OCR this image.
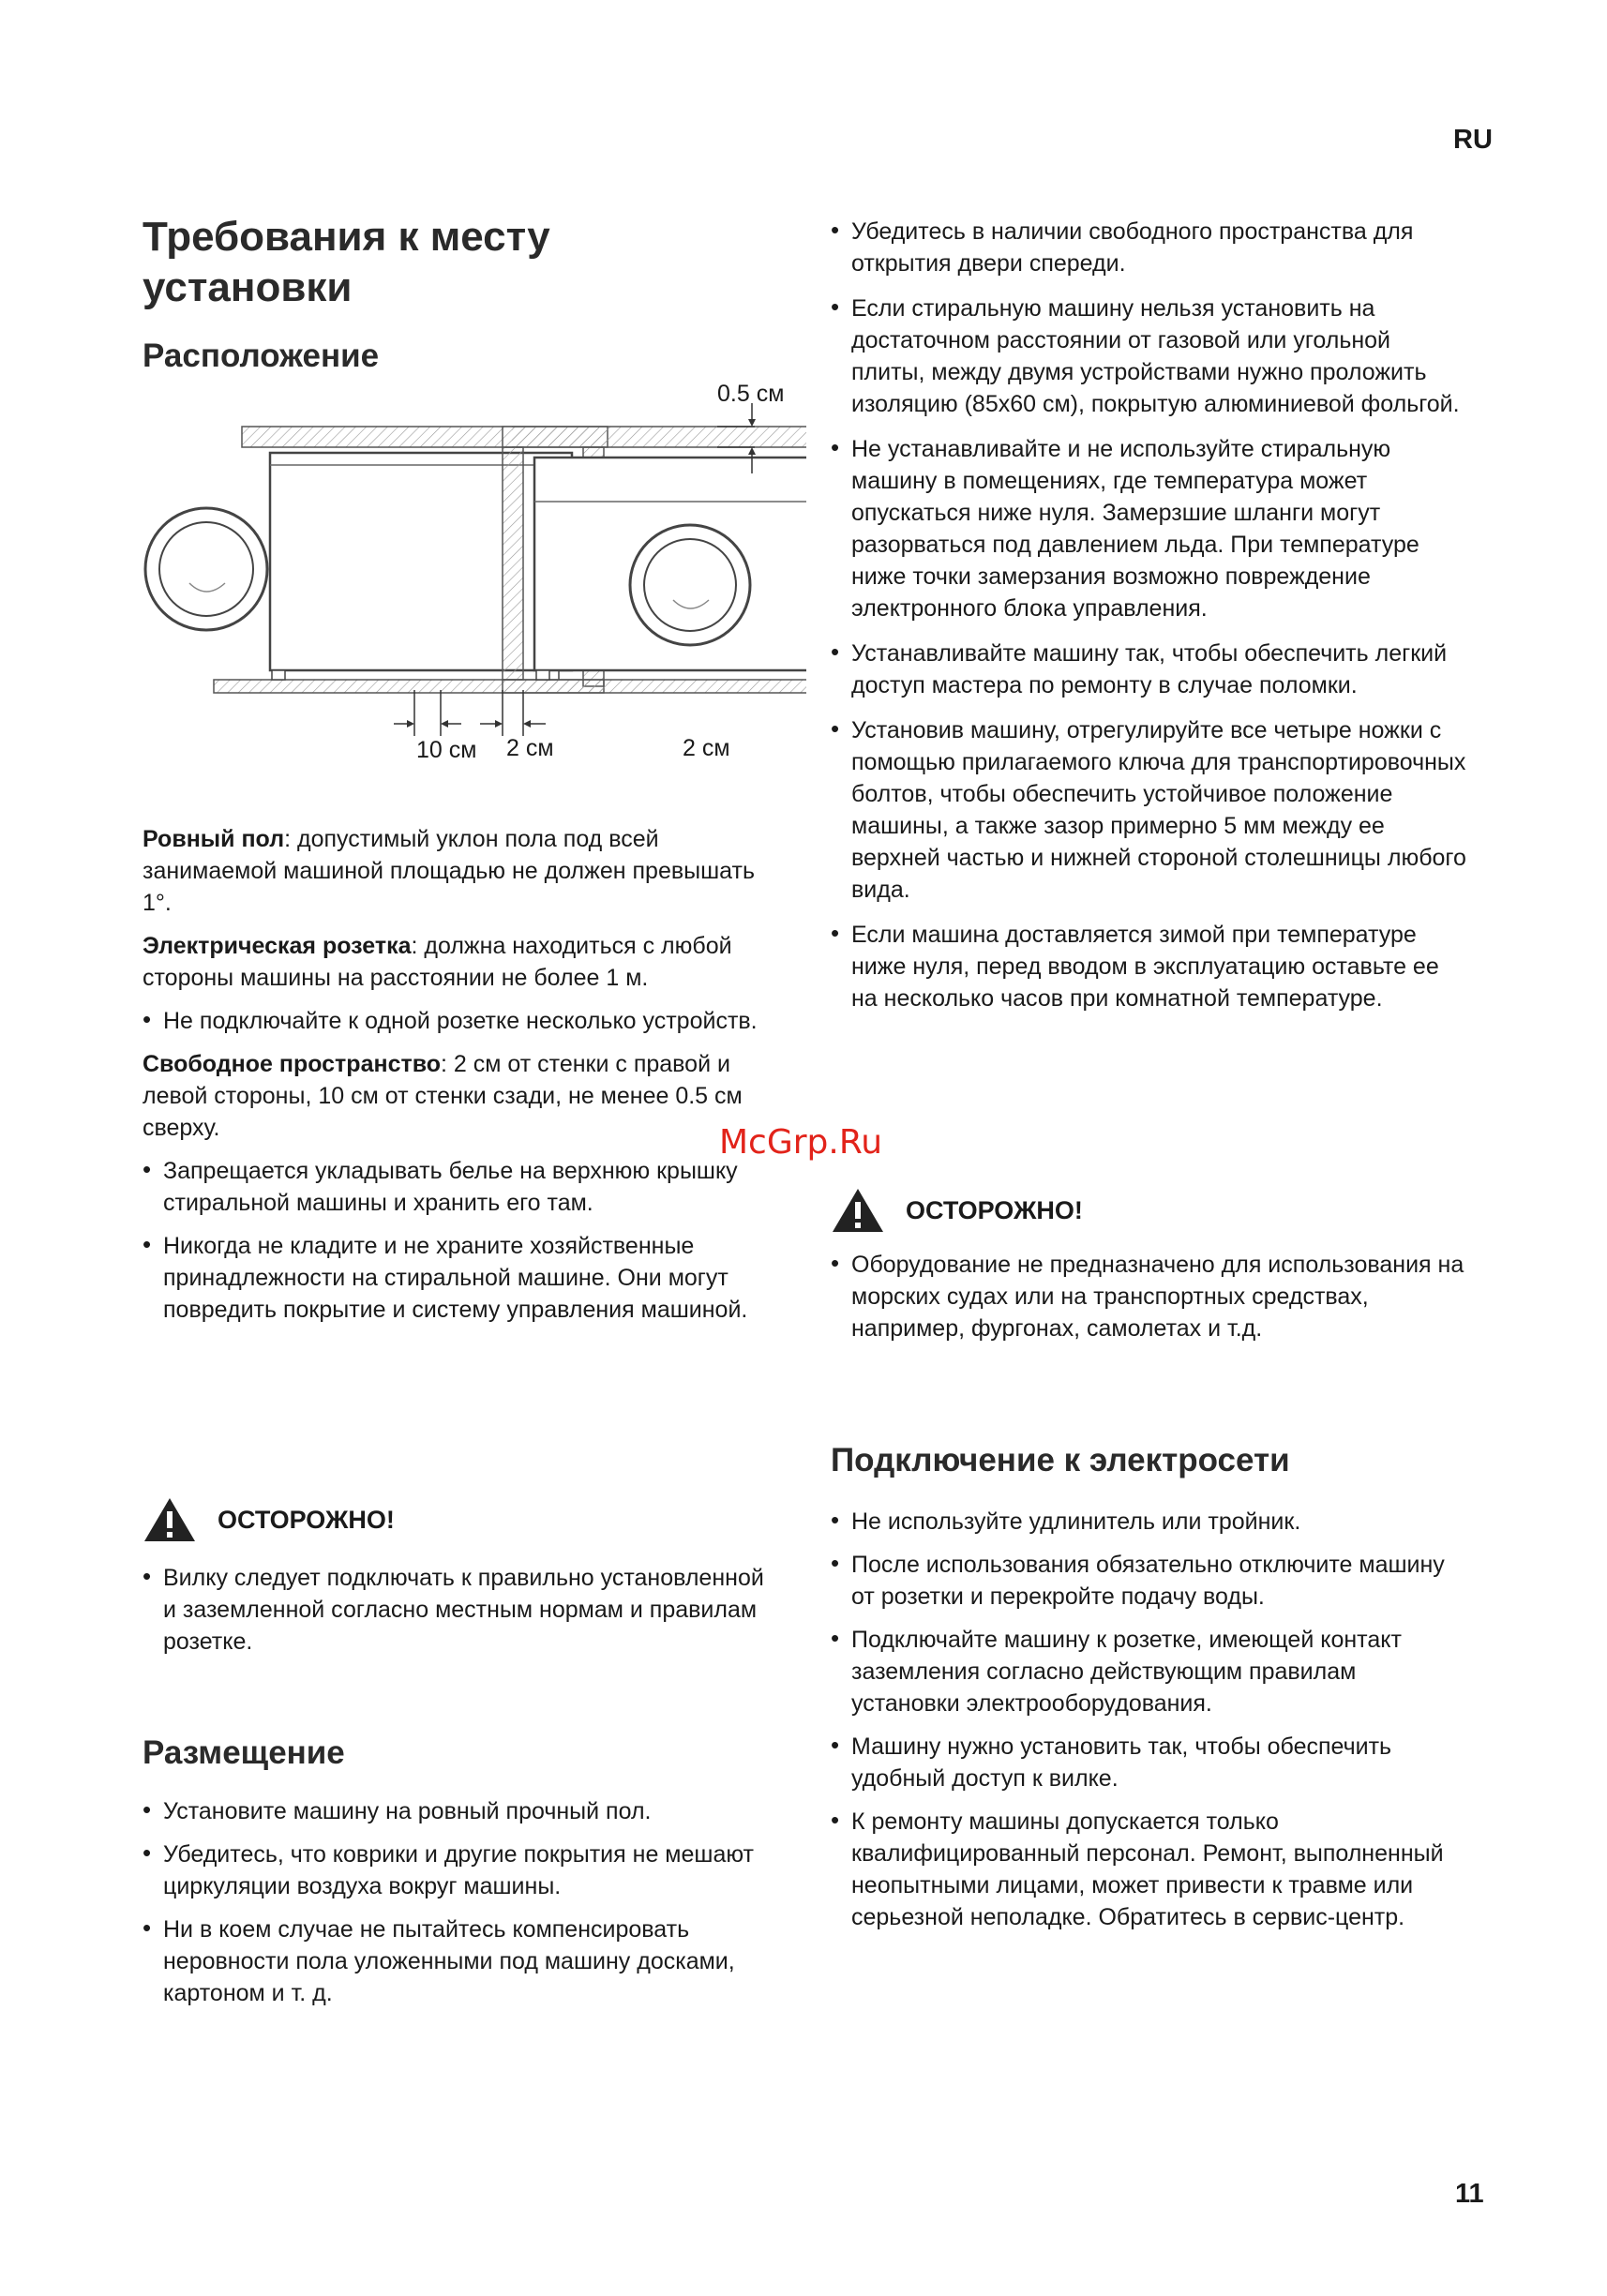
RU
11
Требования к месту установки
Расположение
0.5 см
10 см 2 см	2 см

Ровный пол: допустимый уклон пола под всей занимаемой машиной площадью не должен превышать 1°.

Электрическая розетка: должна находиться с любой стороны машины на расстоянии не более 1 м.

• Не подключайте к одной розетке несколько устройств.

Свободное пространство: 2 см от стенки с правой и левой стороны, 10 см от стенки сзади, не менее 0.5 см сверху.

• Запрещается укладывать белье на верхнюю крышку стиральной машины и хранить его там.

• Никогда не кладите и не храните хозяйственные принадлежности на стиральной машине. Они могут повредить покрытие и систему управления машиной.

ОСТОРОЖНО!

• Вилку следует подключать к правильно установленной и заземленной согласно местным нормам и правилам розетке.

Размещение

• Установите машину на ровный прочный пол.

• Убедитесь, что коврики и другие покрытия не мешают циркуляции воздуха вокруг машины.

• Ни в коем случае не пытайтесь компенсировать неровности пола уложенными под машину досками, картоном и т. д.

• Убедитесь в наличии свободного пространства для открытия двери спереди.

• Если стиральную машину нельзя установить на достаточном расстоянии от газовой или угольной плиты, между двумя устройствами нужно проложить изоляцию (85x60 см), покрытую алюминиевой фольгой.

• Не устанавливайте и не используйте стиральную машину в помещениях, где температура может опускаться ниже нуля. Замерзшие шланги могут разорваться под давлением льда. При температуре ниже точки замерзания возможно повреждение электронного блока управления.

• Устанавливайте машину так, чтобы обеспечить легкий доступ мастера по ремонту в случае поломки.

• Установив машину, отрегулируйте все четыре ножки с помощью прилагаемого ключа для транспортировочных болтов, чтобы обеспечить устойчивое положение машины, а также зазор примерно 5 мм между ее верхней частью и нижней стороной столешницы любого вида.

• Если машина доставляется зимой при температуре ниже нуля, перед вводом в эксплуатацию оставьте ее на несколько часов при комнатной температуре.

ОСТОРОЖНО!

• Оборудование не предназначено для использования на морских судах или на транспортных средствах, например, фургонах, самолетах и т.д.

Подключение к электросети

• Не используйте удлинитель или тройник.

• После использования обязательно отключите машину от розетки и перекройте подачу воды.

• Подключайте машину к розетке, имеющей контакт заземления согласно действующим правилам установки электрооборудования.

• Машину нужно установить так, чтобы обеспечить удобный доступ к вилке.

• К ремонту машины допускается только квалифицированный персонал. Ремонт, выполненный неопытными лицами, может привести к травме или серьезной неполадке. Обратитесь в сервис-центр.

McGrp.Ru
